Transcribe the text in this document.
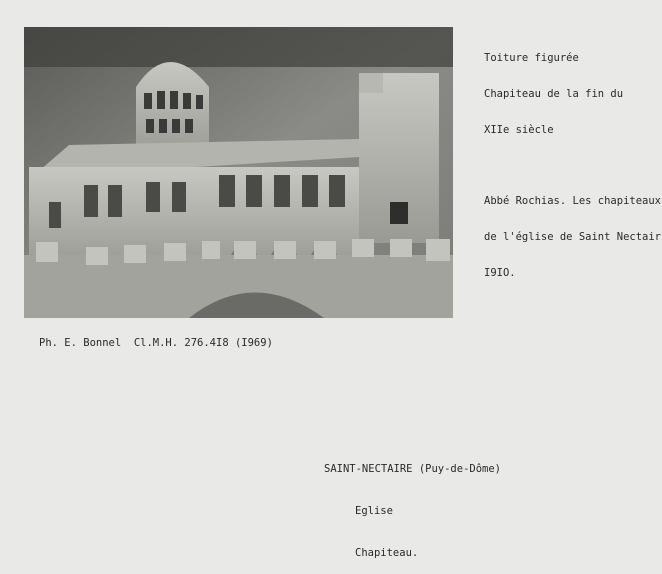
Toiture figurée

Chapiteau de la fin du

XIIe siècle

Abbé Rochias. Les chapiteaux

de l'église de Saint Nectair

I9IO.

Ph. E. Bonnel  Cl.M.H. 276.4I8 (I969)

SAINT-NECTAIRE (Puy-de-Dôme)

Eglise

Chapiteau.
